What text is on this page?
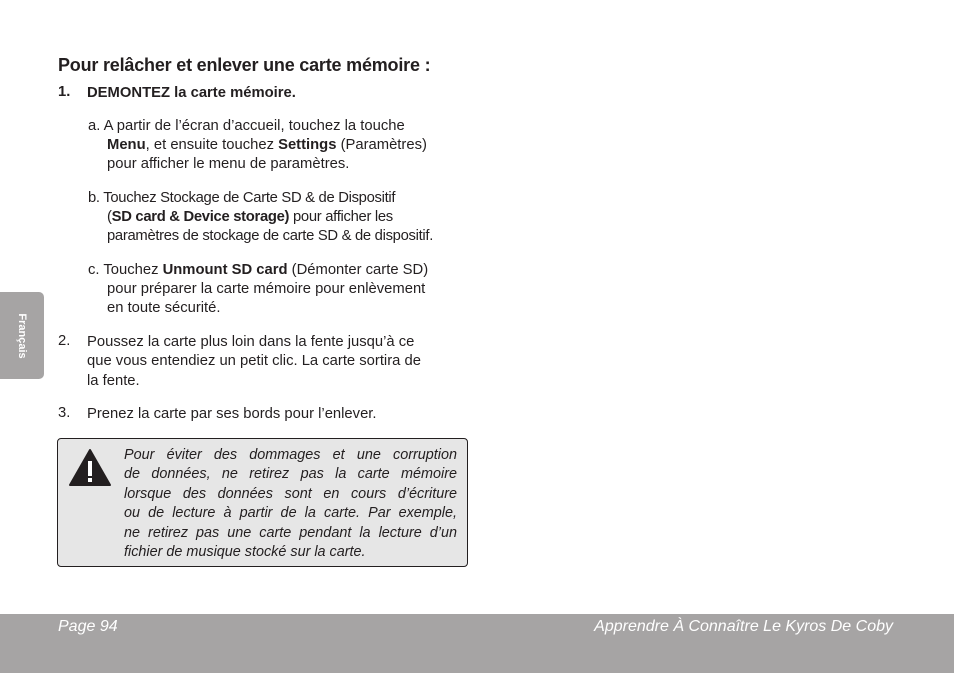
Pour relâcher et enlever une carte mémoire :
Français
1. DEMONTEZ la carte mémoire.
a. A partir de l’écran d’accueil, touchez la touche
Menu, et ensuite touchez Settings (Paramètres)
pour afficher le menu de paramètres.
b. Touchez Stockage de Carte SD & de Dispositif
(SD card & Device storage) pour afficher les
paramètres de stockage de carte SD & de dispositif.
c. Touchez Unmount SD card (Démonter carte SD)
pour préparer la carte mémoire pour enlèvement
en toute sécurité.
2. Poussez la carte plus loin dans la fente jusqu’à ce
que vous entendiez un petit clic. La carte sortira de
la fente.
3. Prenez la carte par ses bords pour l’enlever.
Pour éviter des dommages et une corruption
de données, ne retirez pas la carte mémoire
lorsque des données sont en cours d’écriture
ou de lecture à partir de la carte. Par exemple,
ne retirez pas une carte pendant la lecture d’un
fichier de musique stocké sur la carte.
Page 94	Apprendre À Connaître Le Kyros De Coby
